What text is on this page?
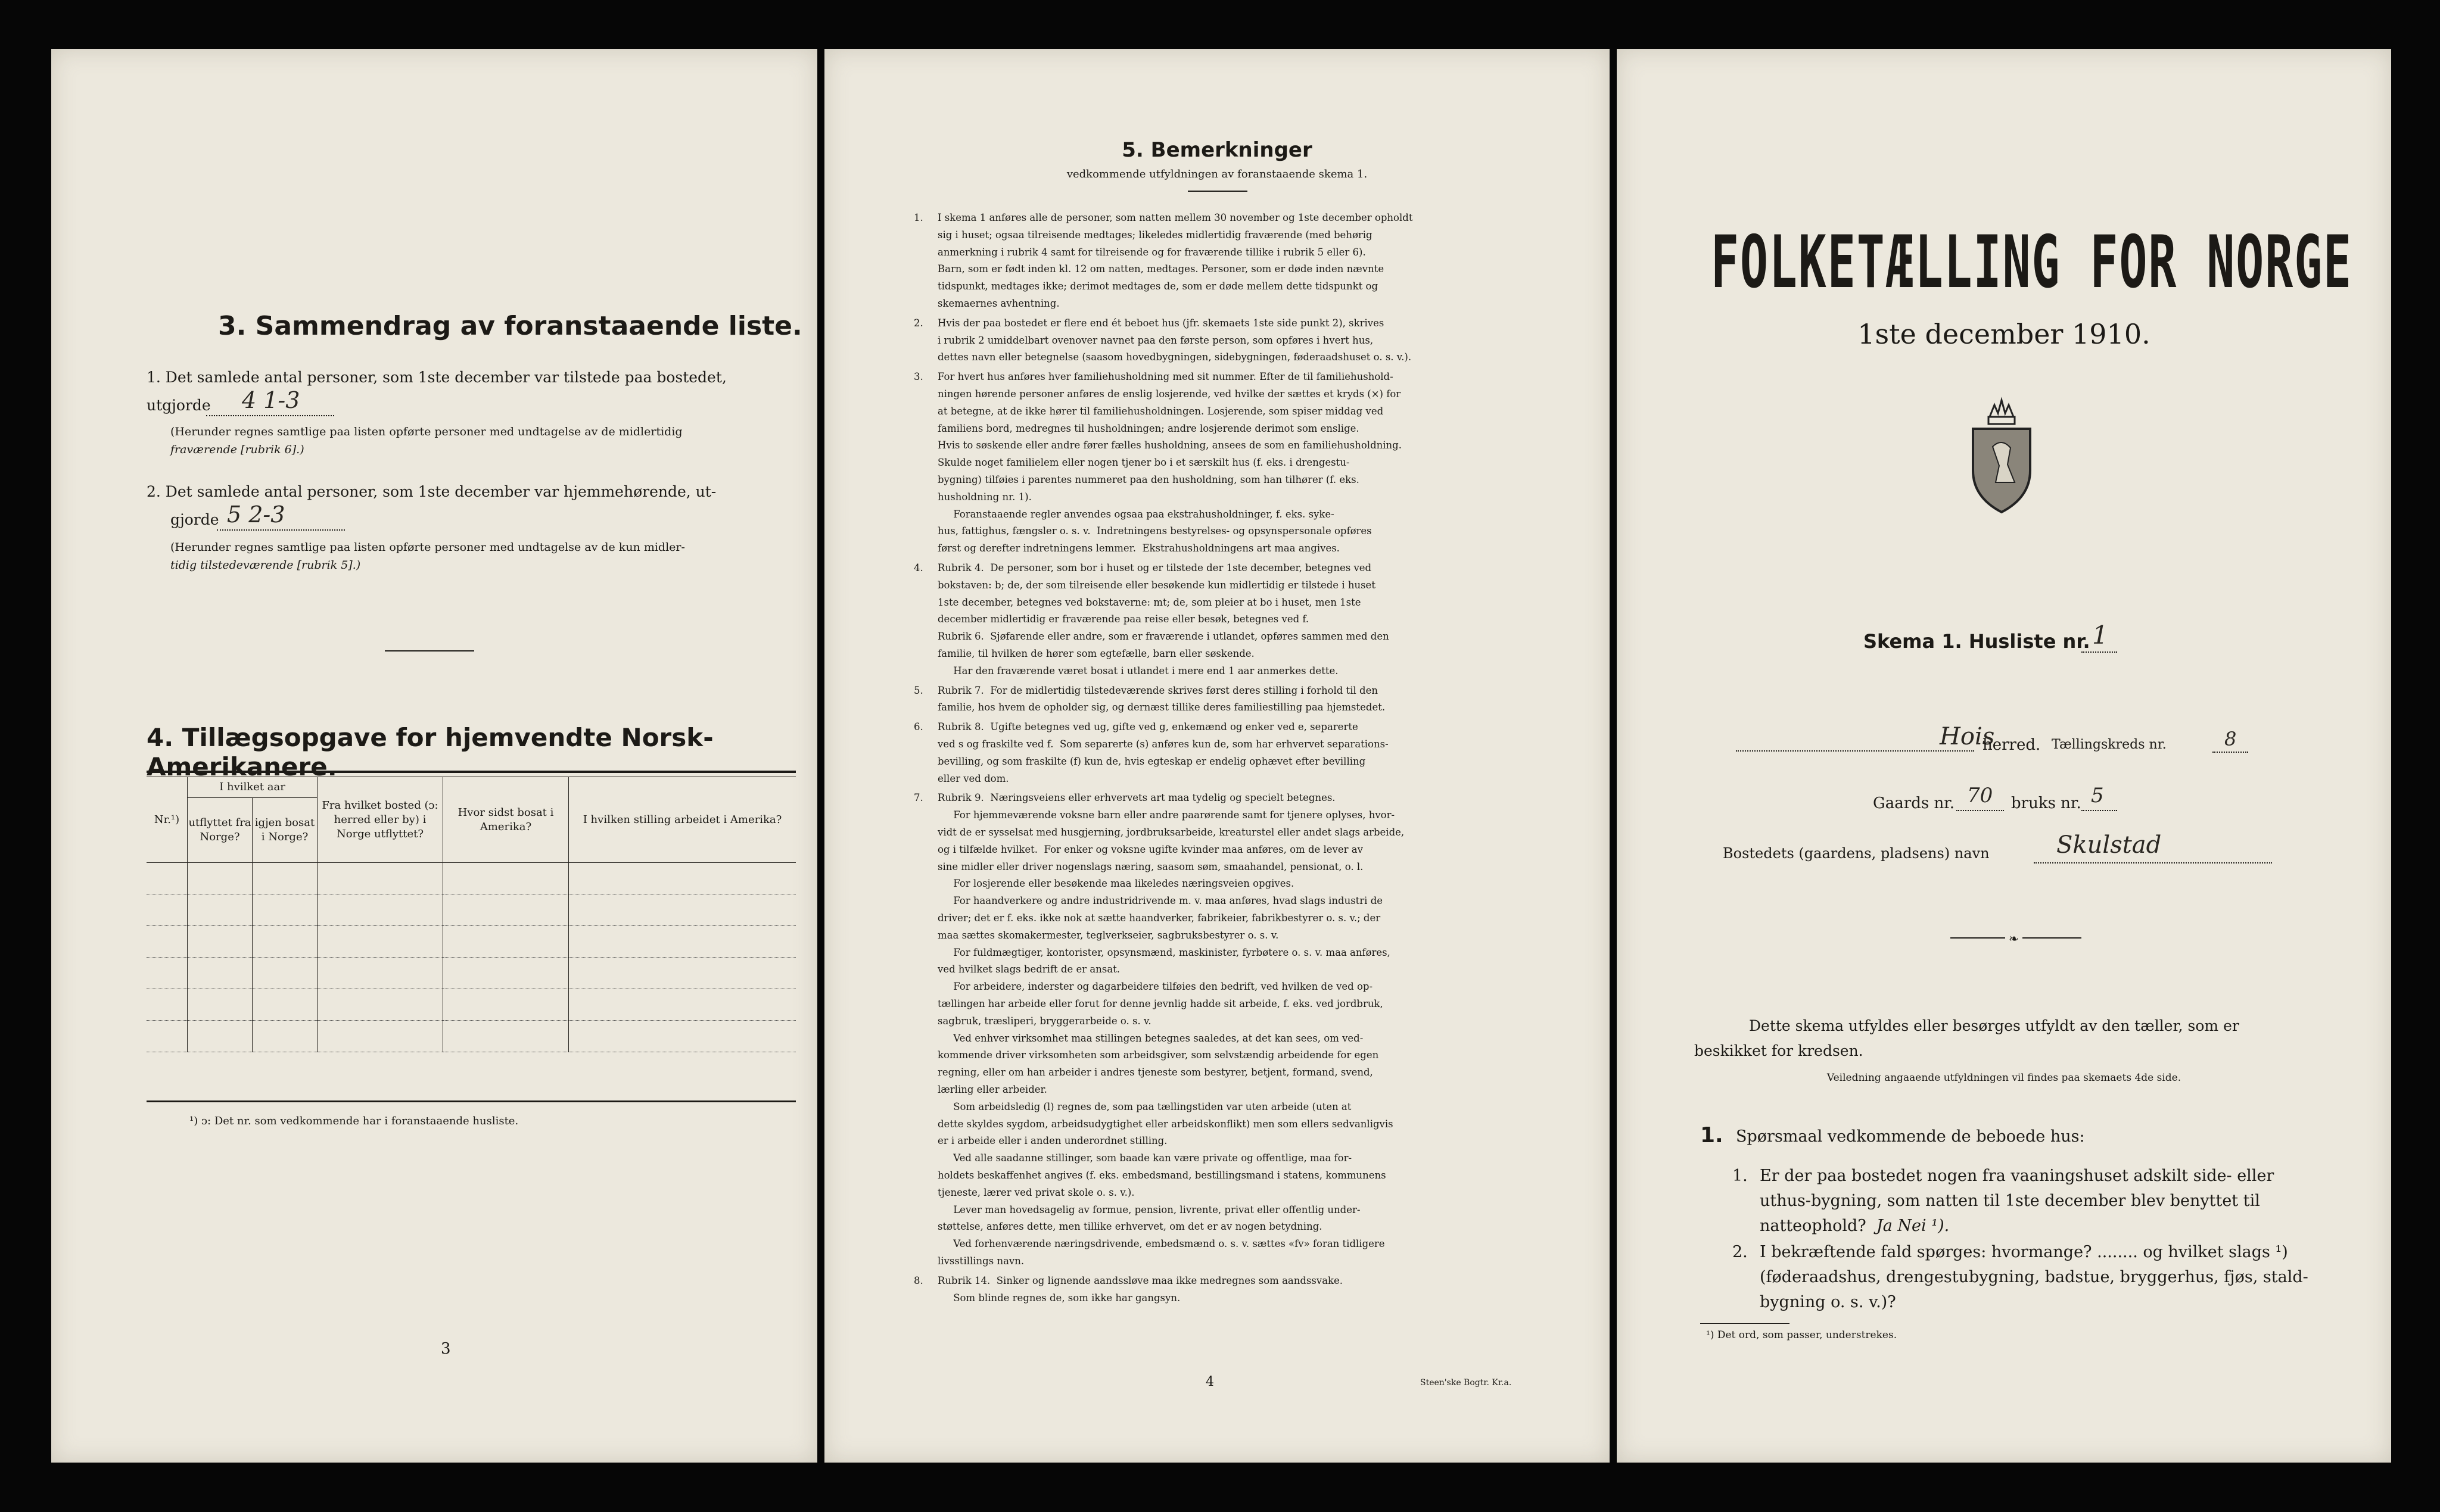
3. Sammendrag av foranstaaende liste.
1. Det samlede antal personer, som 1ste december var tilstede paa bostedet,
utgjorde 4 1-3
(Herunder regnes samtlige paa listen opførte personer med undtagelse av de midlertidig
fraværende [rubrik 6].)
2. Det samlede antal personer, som 1ste december var hjemmehørende, ut-
gjorde 5 2-3
(Herunder regnes samtlige paa listen opførte personer med undtagelse av de kun midler-
tidig tilstedeværende [rubrik 5].)
4. Tillægsopgave for hjemvendte Norsk-Amerikanere.
Nr.¹)	I hvilket aar		Fra hvilket bosted (ᴐ: herred eller by) i Norge utflyttet?	Hvor sidst bosat i Amerika?	I hvilken stilling arbeidet i Amerika?
	utflyttet fra Norge?	igjen bosat i Norge?			

¹) ᴐ: Det nr. som vedkommende har i foranstaaende husliste.
3
5. Bemerkninger
vedkommende utfyldningen av foranstaaende skema 1.
1. I skema 1 anføres alle de personer, som natten mellem 30 november og 1ste december opholdt
sig i huset; ogsaa tilreisende medtages; likeledes midlertidig fraværende (med behørig
anmerkning i rubrik 4 samt for tilreisende og for fraværende tillike i rubrik 5 eller 6).
Barn, som er født inden kl. 12 om natten, medtages. Personer, som er døde inden nævnte
tidspunkt, medtages ikke; derimot medtages de, som er døde mellem dette tidspunkt og
skemaernes avhentning.
2. Hvis der paa bostedet er flere end ét beboet hus (jfr. skemaets 1ste side punkt 2), skrives
i rubrik 2 umiddelbart ovenover navnet paa den første person, som opføres i hvert hus,
dettes navn eller betegnelse (saasom hovedbygningen, sidebygningen, føderaadshuset o. s. v.).
3. For hvert hus anføres hver familiehusholdning med sit nummer. Efter de til familiehushold-
ningen hørende personer anføres de enslig losjerende, ved hvilke der sættes et kryds (×) for
at betegne, at de ikke hører til familiehusholdningen. Losjerende, som spiser middag ved
familiens bord, medregnes til husholdningen; andre losjerende derimot som enslige.
Hvis to søskende eller andre fører fælles husholdning, ansees de som en familiehusholdning.
Skulde noget familielem eller nogen tjener bo i et særskilt hus (f. eks. i drengestu-
bygning) tilføies i parentes nummeret paa den husholdning, som han tilhører (f. eks.
husholdning nr. 1).
Foranstaaende regler anvendes ogsaa paa ekstrahusholdninger, f. eks. syke-
hus, fattighus, fængsler o. s. v.  Indretningens bestyrelses- og opsynspersonale opføres
først og derefter indretningens lemmer.  Ekstrahusholdningens art maa angives.
4. Rubrik 4.  De personer, som bor i huset og er tilstede der 1ste december, betegnes ved
bokstaven: b; de, der som tilreisende eller besøkende kun midlertidig er tilstede i huset
1ste december, betegnes ved bokstaverne: mt; de, som pleier at bo i huset, men 1ste
december midlertidig er fraværende paa reise eller besøk, betegnes ved f.
Rubrik 6.  Sjøfarende eller andre, som er fraværende i utlandet, opføres sammen med den
familie, til hvilken de hører som egtefælle, barn eller søskende.
Har den fraværende været bosat i utlandet i mere end 1 aar anmerkes dette.
5. Rubrik 7.  For de midlertidig tilstedeværende skrives først deres stilling i forhold til den
familie, hos hvem de opholder sig, og dernæst tillike deres familiestilling paa hjemstedet.
6. Rubrik 8.  Ugifte betegnes ved ug, gifte ved g, enkemænd og enker ved e, separerte
ved s og fraskilte ved f.  Som separerte (s) anføres kun de, som har erhvervet separations-
bevilling, og som fraskilte (f) kun de, hvis egteskap er endelig ophævet efter bevilling
eller ved dom.
7. Rubrik 9.  Næringsveiens eller erhvervets art maa tydelig og specielt betegnes.
For hjemmeværende voksne barn eller andre paarørende samt for tjenere oplyses, hvor-
vidt de er sysselsat med husgjerning, jordbruksarbeide, kreaturstel eller andet slags arbeide,
og i tilfælde hvilket.  For enker og voksne ugifte kvinder maa anføres, om de lever av
sine midler eller driver nogenslags næring, saasom søm, smaahandel, pensionat, o. l.
For losjerende eller besøkende maa likeledes næringsveien opgives.
For haandverkere og andre industridrivende m. v. maa anføres, hvad slags industri de
driver; det er f. eks. ikke nok at sætte haandverker, fabrikeier, fabrikbestyrer o. s. v.; der
maa sættes skomakermester, teglverkseier, sagbruksbestyrer o. s. v.
For fuldmægtiger, kontorister, opsynsmænd, maskinister, fyrbøtere o. s. v. maa anføres,
ved hvilket slags bedrift de er ansat.
For arbeidere, inderster og dagarbeidere tilføies den bedrift, ved hvilken de ved op-
tællingen har arbeide eller forut for denne jevnlig hadde sit arbeide, f. eks. ved jordbruk,
sagbruk, træsliperi, bryggerarbeide o. s. v.
Ved enhver virksomhet maa stillingen betegnes saaledes, at det kan sees, om ved-
kommende driver virksomheten som arbeidsgiver, som selvstændig arbeidende for egen
regning, eller om han arbeider i andres tjeneste som bestyrer, betjent, formand, svend,
lærling eller arbeider.
Som arbeidsledig (l) regnes de, som paa tællingstiden var uten arbeide (uten at
dette skyldes sygdom, arbeidsudygtighet eller arbeidskonflikt) men som ellers sedvanligvis
er i arbeide eller i anden underordnet stilling.
Ved alle saadanne stillinger, som baade kan være private og offentlige, maa for-
holdets beskaffenhet angives (f. eks. embedsmand, bestillingsmand i statens, kommunens
tjeneste, lærer ved privat skole o. s. v.).
Lever man hovedsagelig av formue, pension, livrente, privat eller offentlig under-
støttelse, anføres dette, men tillike erhvervet, om det er av nogen betydning.
Ved forhenværende næringsdrivende, embedsmænd o. s. v. sættes «fv» foran tidligere
livsstillings navn.
8. Rubrik 14.  Sinker og lignende aandssløve maa ikke medregnes som aandssvake.
Som blinde regnes de, som ikke har gangsyn.
4	Steen'ske Bogtr. Kr.a.
FOLKETÆLLING FOR NORGE
1ste december 1910.
Skema 1. Husliste nr. 1
Hois
herred. Tællingskreds nr.	8
Gaards nr. 70 bruks nr. 5
Bostedets (gaardens, pladsens) navn	Skulstad
❧
Dette skema utfyldes eller besørges utfyldt av den tæller, som er
beskikket for kredsen.
Veiledning angaaende utfyldningen vil findes paa skemaets 4de side.
1. Spørsmaal vedkommende de beboede hus:
1. Er der paa bostedet nogen fra vaaningshuset adskilt side- eller
uthus-bygning, som natten til 1ste december blev benyttet til
natteophold? Ja Nei ¹).
2. I bekræftende fald spørges: hvormange? ........ og hvilket slags ¹)
(føderaadshus, drengestubygning, badstue, bryggerhus, fjøs, stald-
bygning o. s. v.)?
¹) Det ord, som passer, understrekes.
